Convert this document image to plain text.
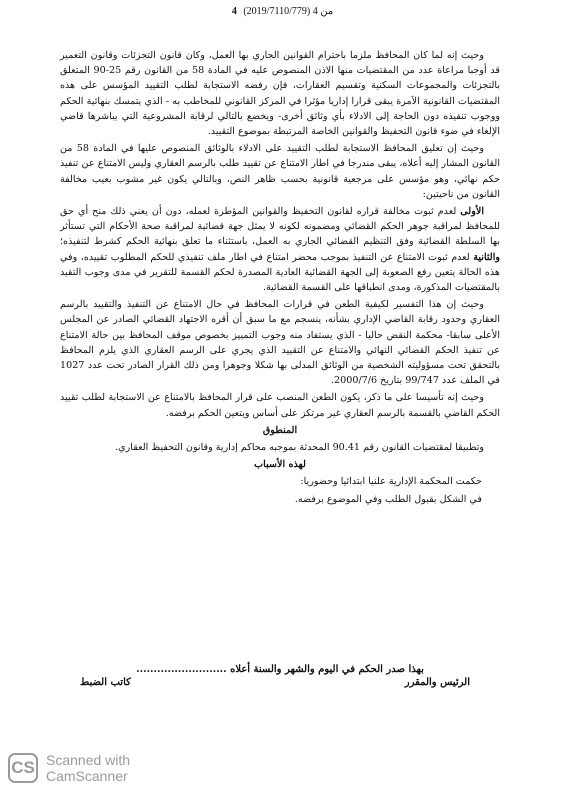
4	من 4 (2019/7110/779)

وحيث إنه لما كان المحافظ ملزما باحترام القوانين الجاري بها العمل، وكان قانون التجزئات وقانون التعمير قد أوجبا مراعاة عدد من المقتضيات منها الاذن المنصوص عليه في المادة 58 من القانون رقم 25-90 المتعلق بالتجزئات والمجموعات السكنية وتقسيم العقارات، فإن رفضه الاستجابة لطلب التقييد المؤسس على هذه المقتضيات القانونية الآمرة يبقى قرارا إداريا مؤثرا في المركز القانوني للمخاطب به - الذي يتمسك بنهائية الحكم ووجوب تنفيذه دون الحاجة إلى الادلاء بأي وثائق أخرى- ويخضع بالتالي لرقابة المشروعية التي يباشرها قاضي الإلغاء في ضوء قانون التحفيظ والقوانين الخاصة المرتبطة بموضوع التقييد.

وحيث إن تعليق المحافظ الاستجابة لطلب التقييد على الادلاء بالوثائق المنصوص عليها في المادة 58 من القانون المشار إليه أعلاه، يبقى مندرجا في اطار الامتناع عن تقييد طلب بالرسم العقاري وليس الامتناع عن تنفيذ حكم نهائي، وهو مؤسس على مرجعية قانونية بحسب ظاهر النص، وبالتالي يكون غير مشوب بعيب مخالفة القانون من ناحيتين:

الأولى لعدم ثبوت مخالفة قراره لقانون التحفيظ والقوانين المؤطرة لعمله، دون أن يعني ذلك منح أي حق للمحافظ لمراقبة جوهر الحكم القضائي ومضمونه لكونه لا يمثل جهة قضائية لمراقبة صحة الأحكام التي تستأثر بها السلطة القضائية وفق التنظيم القضائي الجاري به العمل، باستثناء ما تعلق بنهائية الحكم كشرط لتنفيذه؛ والثانية لعدم ثبوت الامتناع عن التنفيذ بموجب محضر امتناع في اطار ملف تنفيذي للحكم المطلوب تقييده، وفي هذه الحالة يتعين رفع الصعوبة إلى الجهة القضائية العادية المصدرة لحكم القسمة للتقرير في مدى وجوب التقيد بالمقتضيات المذكورة، ومدى انطباقها على القسمة القضائية.

وحيث إن هذا التفسير لكيفية الطعن في قرارات المحافظ في حال الامتناع عن التنفيذ والتقييد بالرسم العقاري وحدود رقابة القاضي الإداري بشأنه، ينسجم مع ما سبق أن أقره الاجتهاد القضائي الصادر عن المجلس الأعلى سابقا- محكمة النقض حاليا - الذي يستفاد منه وجوب التمييز بخصوص موقف المحافظ بين حالة الامتناع عن تنفيذ الحكم القضائي النهائي والامتناع عن التقييد الذي يجري على الرسم العقاري الذي يلزم المحافظ بالتحقق تحت مسؤوليته الشخصية من الوثائق المدلى بها شكلا وجوهرا ومن ذلك القرار الصادر تحت عدد 1027 في الملف عدد 99/747 بتاريخ 2000/7/6.

وحيث إنه تأسيسا على ما ذكر، يكون الطعن المنصب على قرار المحافظ بالامتناع عن الاستجابة لطلب تقييد الحكم القاضي بالقسمة بالرسم العقاري غير مرتكز على أساس ويتعين الحكم برفضه.

المنطوق

وتطبيقا لمقتضيات القانون رقم 90.41 المحدثة بموجبه محاكم إدارية وقانون التحفيظ العقاري.

لهذه الأسباب

حكمت المحكمة الإدارية علنيا ابتدائيا وحضوريا:

في الشكل بقبول الطلب وفي الموضوع برفضه.

بهذا صدر الحكم في اليوم والشهر والسنة أعلاه ..........................
الرئيس والمقرر
كاتب الضبط
CS Scanned with
CamScanner
